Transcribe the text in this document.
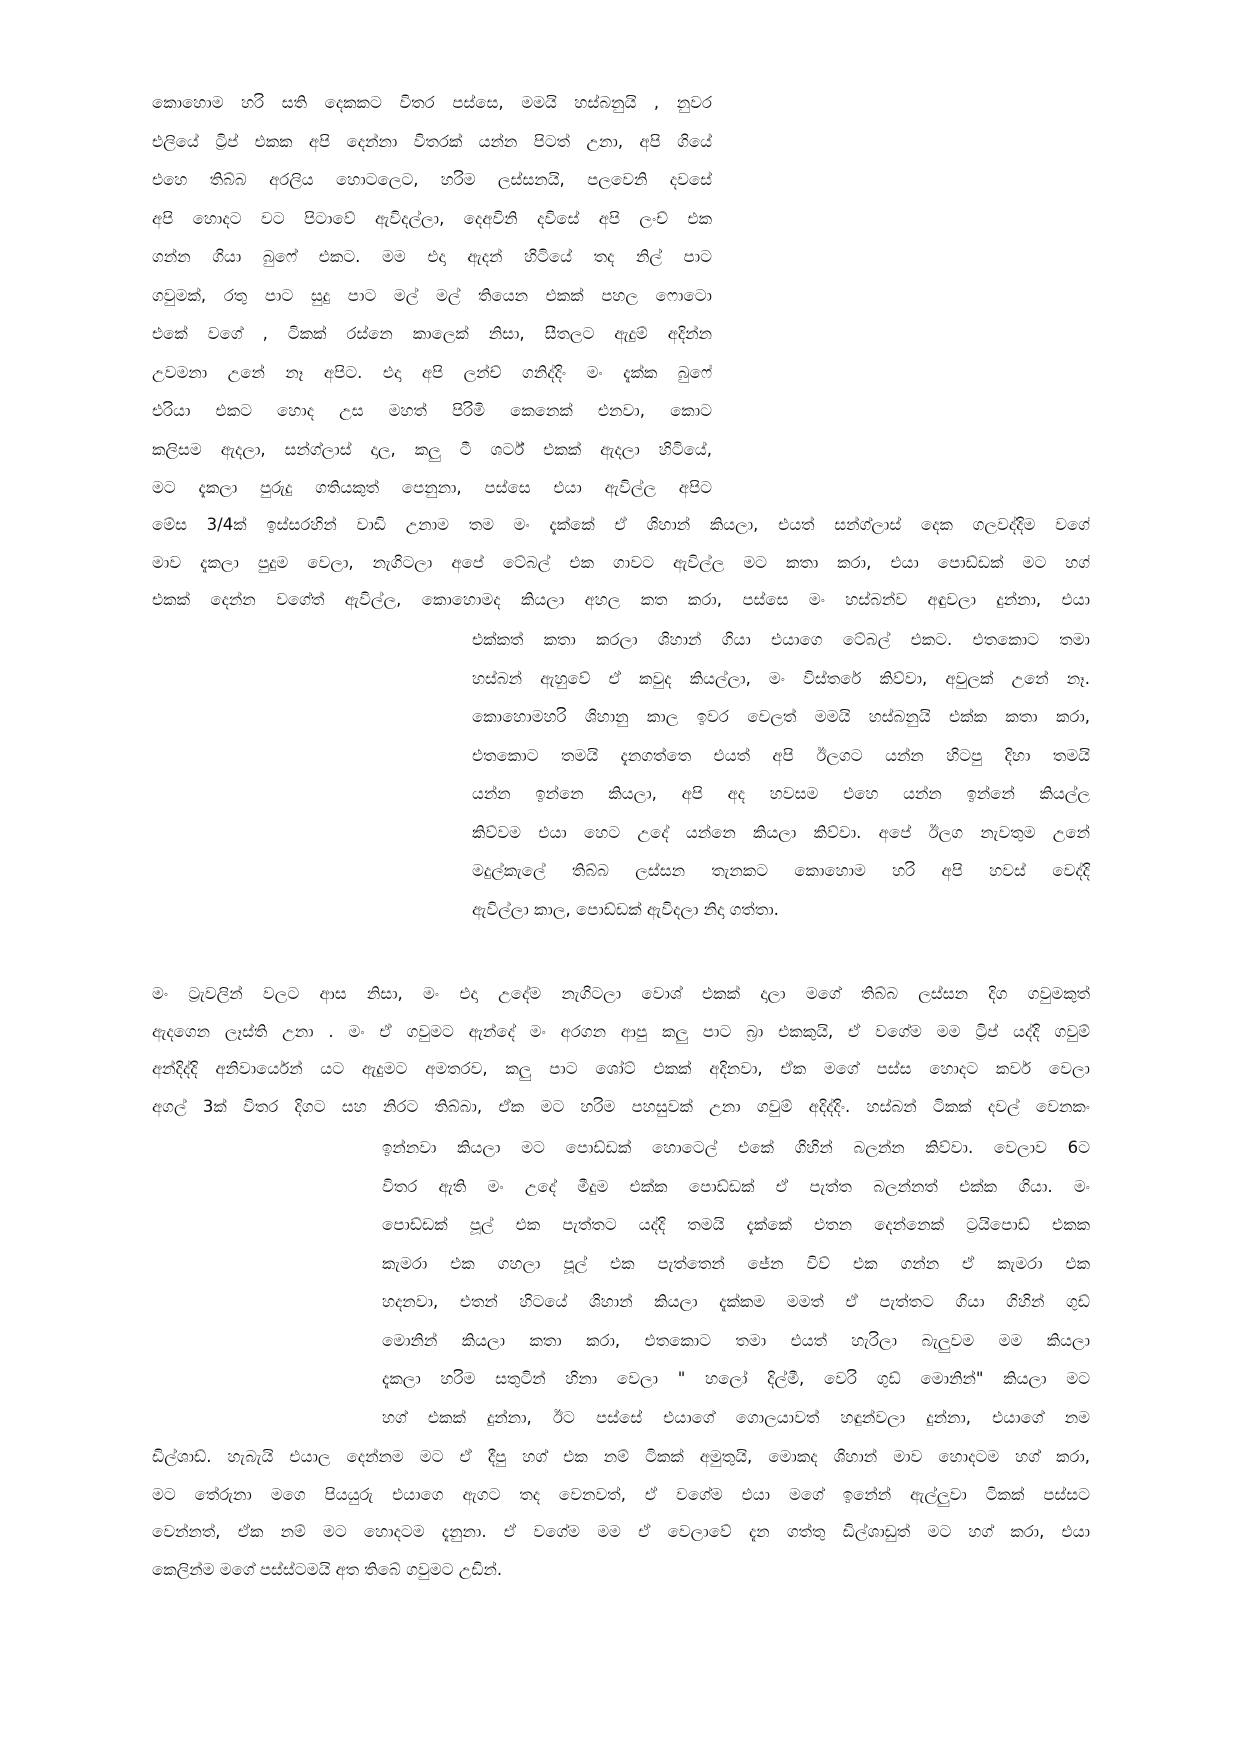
කොහොම හරි සති දෙකකට විතර පස්සෙ, මමයි හස්බනුයි , නුවර
එලියේ ට්‍රිප් එකක අපි දෙන්නා විතරක් යන්න පිටත් උනා, අපි ගියේ
එහෙ තිබ්බ අරලිය හොටලෙට, හරිම ලස්සනයි, පලවෙනි දවසේ
අපි හොදට වට පිටාවේ ඇවිදල්ලා, දෙඅවිනි දවිසේ අපි ලංච් එක
ගන්න ගියා බුෆේ එකට. මම එදා ඇදන් හිටියේ තද නිල් පාට
ගවුමක්, රතු පාට සුදු පාට මල් මල් තියෙන එකක් පහල ෆොටො
එකේ වගේ , ටිකක් රස්නෙ කාලෙක් නිසා, සීතලට ඇදුම් අදින්න
උවමනා උනේ නෑ අපිට. එදා අපි ලන්ච් ගනිද්දිං මං දැක්ක බුෆේ
එරියා එකට හොද උස මහත් පිරිමි කෙනෙක් එනවා, කොට
කලිසම ඇදලා, සන්ග්ලාස් දාල, කලු ටී ශර්ට් එකක් ඇදලා හිටියේ,
මට දැකලා පුරුදු ගතියකුත් පෙනුනා, පස්සෙ එයා ඇවිල්ල අපිට
මේස 3/4ක් ඉස්සරහින් වාඩි උනාම තම මං දැක්කේ ඒ ශිහාන් කියලා, එයත් සන්ග්ලාස් දෙක ගලවද්දිම වගේ
මාව දැකලා පුදුම වෙලා, නැගිටලා අපේ ටේබල් එක ගාවට ඇවිල්ල මට කතා කරා, එයා පොඩ්ඩක් මට හග්
එකක් දෙන්න වගේත් ඇවිල්ල, කොහොමද කියලා අහල කත කරා, පස්සෙ මං හස්බන්ව අඳුවලා දුන්නා, එයා
එක්කත් කතා කරලා ශිහාන් ගියා එයාගෙ ටේබල් එකට. එතකොට තමා
හස්බන් ඇහුවේ ඒ කවුද කියල්ලා, මං විස්තරේ කිව්වා, අවුලක් උනේ නෑ.
කොහොමහරි ශිහානු කාල ඉවර වෙලත් මමයි හස්බනුයි එක්ක කතා කරා,
එතකොට තමයි දැනගත්තෙ එයත් අපි ඊලගට යන්න හිටපු දිහා තමයි
යන්න ඉන්නෙ කියලා, අපි අද හවසම එහෙ යන්න ඉන්නේ කියල්ල
කිව්වම එයා හෙට උදේ යන්නෙ කියලා කිව්වා. අපේ ඊලග නැවතුම උනේ
මදුල්කැලේ තිබ්බ ලස්සන තැනකට කොහොම හරි අපි හවස් වෙද්දි
ඇවිල්ලා කාල, පොඩ්ඩක් ඇවිදලා නිදා ගත්තා.
මං ට්‍රැවලින් වලට ආස නිසා, මං එදා උදේම නැගිටලා වොශ් එකක් දාලා මගේ තිබ්බ ලස්සන දිග ගවුමකුත්
ඇදගෙන ලෑස්ති උනා . මං ඒ ගවුමට ඇන්දේ මං අරගන ආපු කලු පාට බ්‍රා එකකුයි, ඒ වගේම මම ට්‍රිප් යද්දි ගවුම්
අන්දිද්දි අනිවාර්යෙන් යට ඇදුමට අමතරව, කලු පාට ශෝට් එකක් අදිනවා, ඒක මගේ පස්ස හොදට කවර් වෙලා
අගල් 3ක් විතර දිගට සහ නිරට තිබ්බා, ඒක මට හරිම පහසුවක් උනා ගවුම් අදිද්දිං. හස්බන් ටිකක් දවල් වෙනකං
ඉන්නවා කියලා මට පොඩ්ඩක් හොටෙල් එකේ ගිහින් බලන්න කිව්වා. වෙලාව 6ට
විතර ඇති මං උදේ මීදුම එක්ක පොඩ්ඩක් ඒ පැත්ත බලන්නත් එක්ක ගියා. මං
පොඩ්ඩක් පූල් එක පැත්තට යද්දි තමයි දැක්කේ එතන දෙන්නෙක් ට්‍රයිපොඩ් එකක
කැමරා එක ගහලා පූල් එක පැත්තෙන් ජේන විව් එක ගන්න ඒ කැමරා එක
හදනවා, එතන් හිටයේ ශිහාන් කියලා දැක්කම මමත් ඒ පැත්තට ගියා ගිහින් ගුඩ්
මොනින් කියලා කතා කරා, එතකොට තමා එයත් හැරිලා බැලුවම මම කියලා
දැකලා හරිම සතුටින් හිනා වෙලා " හලෝ දිල්මී, වෙරි ගුඩ් මොනින්" කියලා මට
හග් එකක් දුන්නා, ඊට පස්සේ එයාගේ ගොලයාවත් හඳුන්වලා දුන්නා, එයාගේ නම
ඩිල්ශාඩ්. හැබැයි එයාල දෙන්නම මට ඒ දීපු හග් එක නම් ටිකක් අමුතුයි, මොකද ශිහාන් මාව හොදටම හග් කරා,
මට තේරුනා මගෙ පියයුරු එයාගෙ ඇගට තද වෙනවත්, ඒ වගේම එයා මගේ ඉනේන් ඇල්ලුවා ටිකක් පස්සට
වෙන්නත්, ඒක නම් මට හොදටම දැනුනා. ඒ වගේම මම ඒ වෙලාවේ දැන ගත්තු ඩිල්ශාඩුත් මට හග් කරා, එයා
කෙලින්ම මගේ පස්ස්ටමයි අත තිබේ ගවුමට උඩින්.
